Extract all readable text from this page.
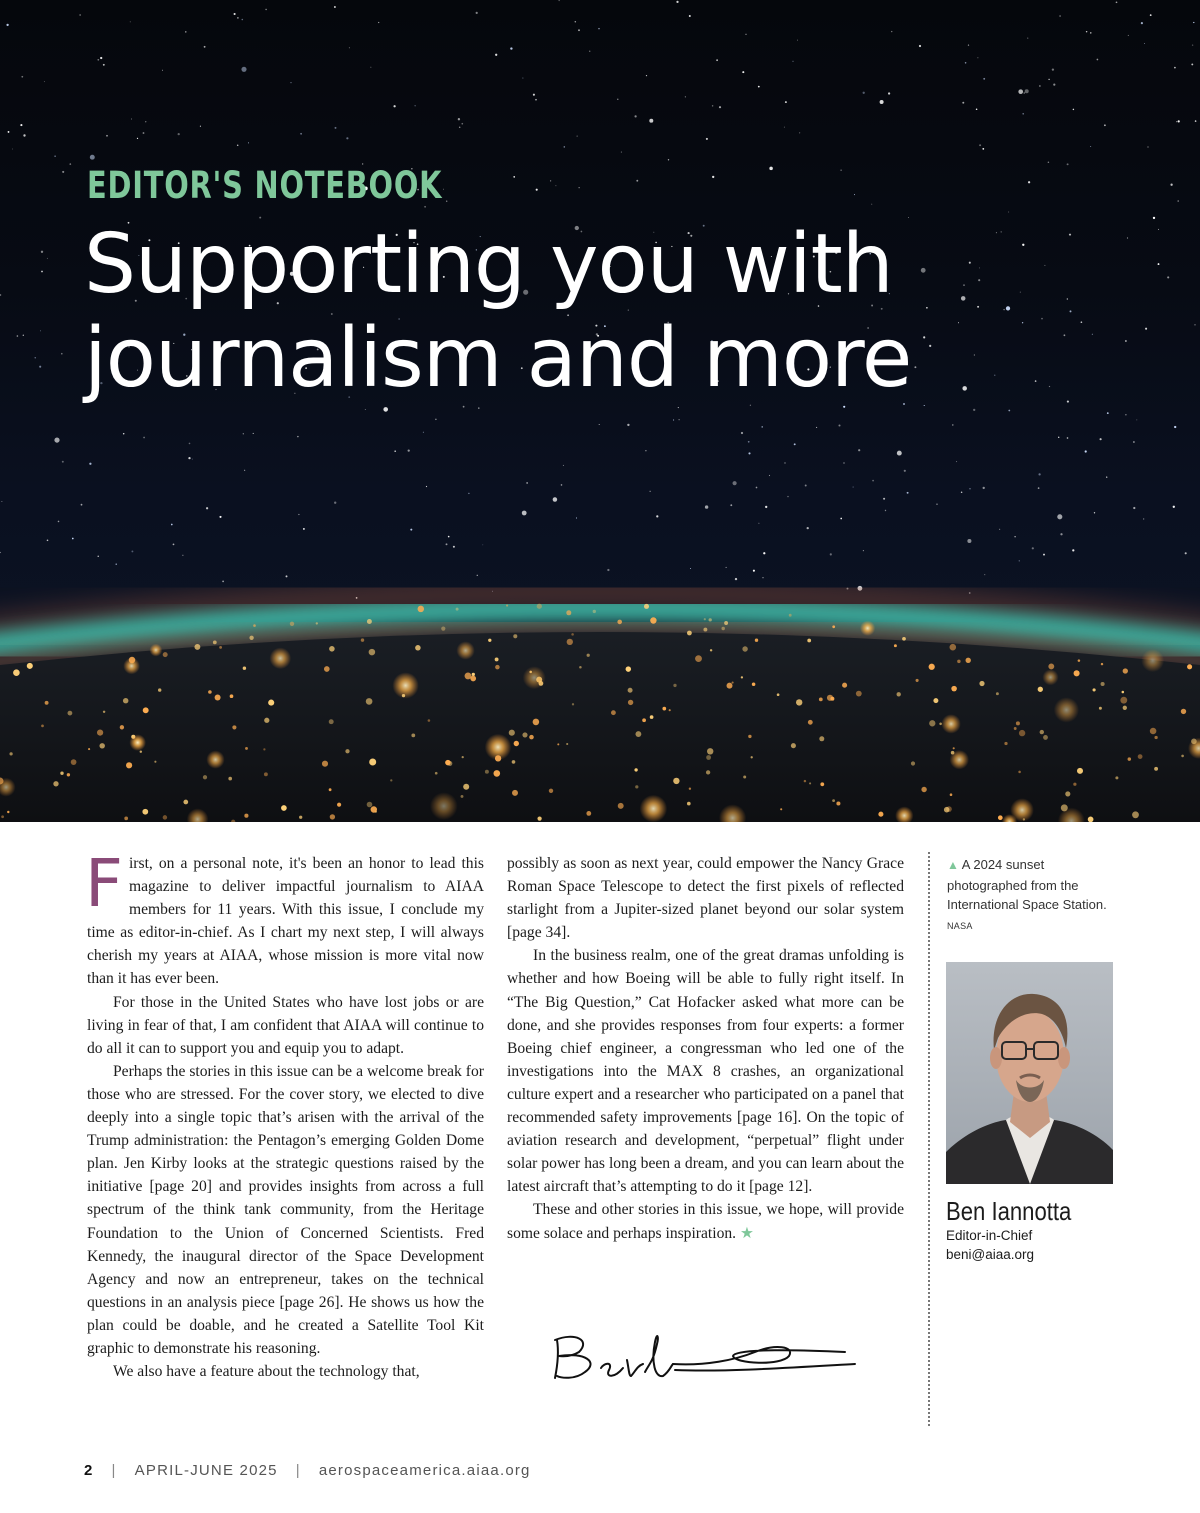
EDITOR'S NOTEBOOK
Supporting you with
journalism and more

First, on a personal note, it's been an honor to lead this magazine to deliver impactful journalism to AIAA members for 11 years. With this issue, I conclude my time as editor-in-chief. As I chart my next step, I will always cherish my years at AIAA, whose mission is more vital now than it has ever been.

For those in the United States who have lost jobs or are living in fear of that, I am confident that AIAA will continue to do all it can to support you and equip you to adapt.

Perhaps the stories in this issue can be a welcome break for those who are stressed. For the cover story, we elected to dive deeply into a single topic that’s arisen with the arrival of the Trump administration: the Pentagon’s emerging Golden Dome plan. Jen Kirby looks at the strategic questions raised by the initiative [page 20] and provides insights from across a full spectrum of the think tank community, from the Heritage Foundation to the Union of Concerned Scientists. Fred Kennedy, the inaugural director of the Space Development Agency and now an entrepreneur, takes on the technical questions in an analysis piece [page 26]. He shows us how the plan could be doable, and he created a Satellite Tool Kit graphic to demonstrate his reasoning.

We also have a feature about the technology that,

possibly as soon as next year, could empower the Nancy Grace Roman Space Telescope to detect the first pixels of reflected starlight from a Jupiter-sized planet beyond our solar system [page 34].

In the business realm, one of the great dramas unfolding is whether and how Boeing will be able to fully right itself. In “The Big Question,” Cat Hofacker asked what more can be done, and she provides responses from four experts: a former Boeing chief engineer, a congressman who led one of the investigations into the MAX 8 crashes, an organizational culture expert and a researcher who participated on a panel that recommended safety improvements [page 16]. On the topic of aviation research and development, “perpetual” flight under solar power has long been a dream, and you can learn about the latest aircraft that’s attempting to do it [page 12].

These and other stories in this issue, we hope, will provide some solace and perhaps inspiration. ★

▲ A 2024 sunset photographed from the International Space Station. NASA

Ben Iannotta

Editor-in-Chief
beni@aiaa.org
2 | APRIL-JUNE 2025 | aerospaceamerica.aiaa.org
